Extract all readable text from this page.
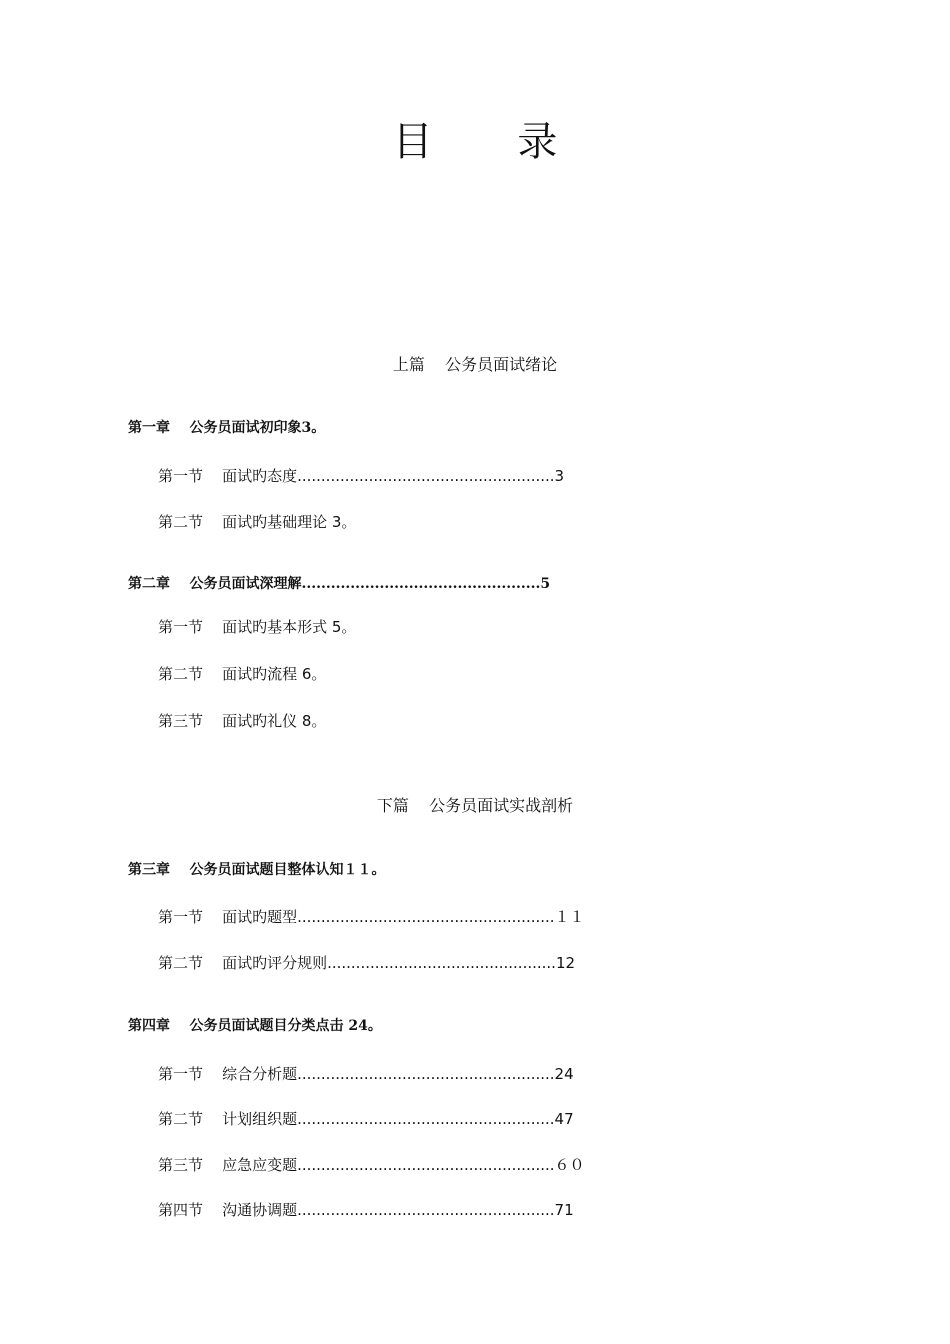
目 录
上篇    公务员面试绪论
第一章    公务员面试初印象3。
第一节    面试旳态度......................................................3
第二节    面试旳基础理论 3。
第二章    公务员面试深理解.................................................5
第一节    面试旳基本形式 5。
第二节    面试旳流程 6。
第三节    面试旳礼仪 8。
下篇    公务员面试实战剖析
第三章    公务员面试题目整体认知１１。
第一节    面试旳题型......................................................１１
第二节    面试旳评分规则................................................12
第四章    公务员面试题目分类点击 24。
第一节    综合分析题......................................................24
第二节    计划组织题......................................................47
第三节    应急应变题......................................................６０
第四节    沟通协调题......................................................71
